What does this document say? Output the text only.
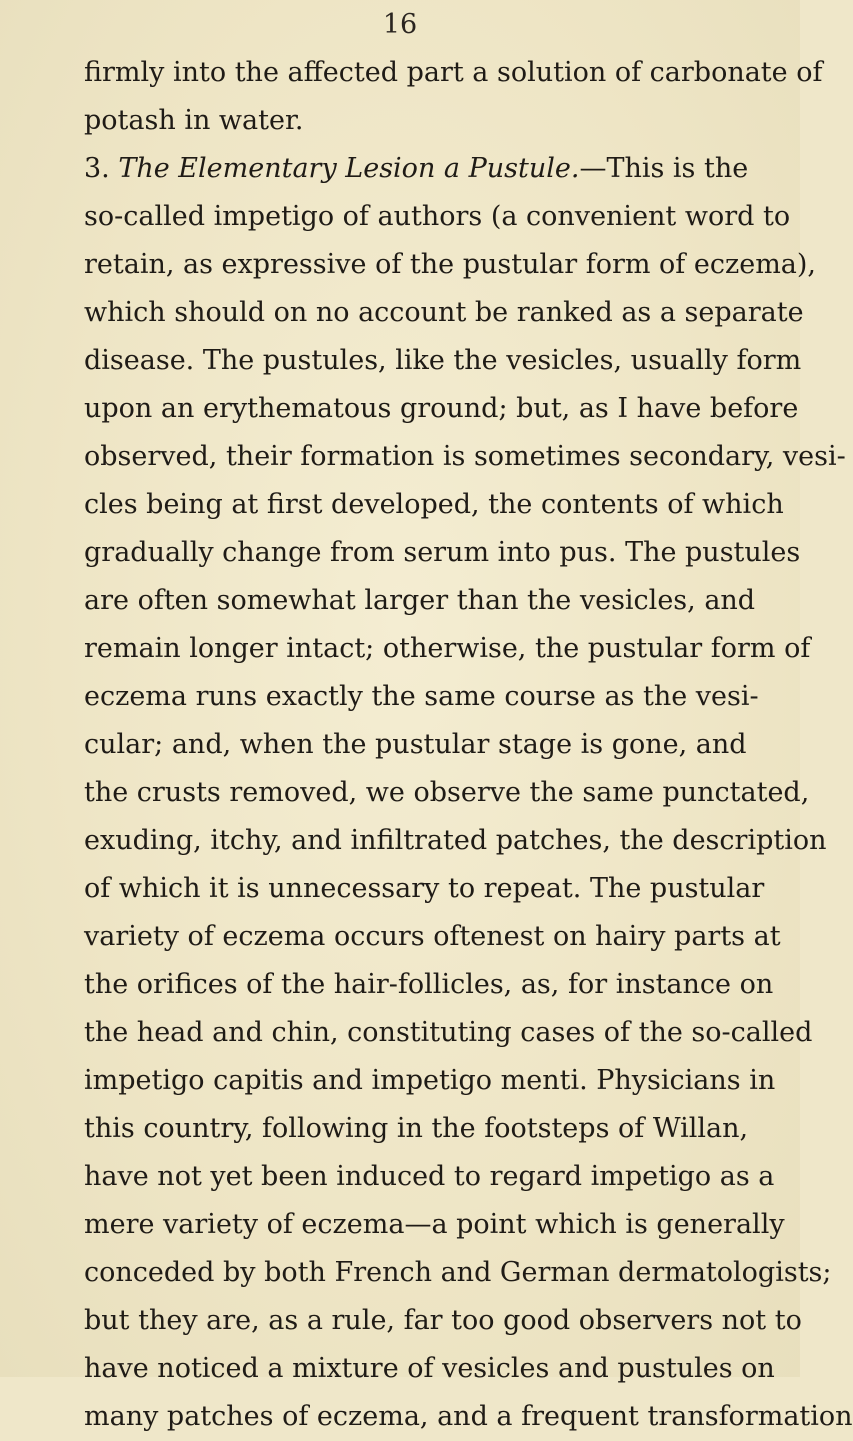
16
firmly into the affected part a solution of carbonate of
potash in water.
3. The Elementary Lesion a Pustule.—This is the
so-called impetigo of authors (a convenient word to
retain, as expressive of the pustular form of eczema),
which should on no account be ranked as a separate
disease. The pustules, like the vesicles, usually form
upon an erythematous ground; but, as I have before
observed, their formation is sometimes secondary, vesi-
cles being at first developed, the contents of which
gradually change from serum into pus. The pustules
are often somewhat larger than the vesicles, and
remain longer intact; otherwise, the pustular form of
eczema runs exactly the same course as the vesi-
cular; and, when the pustular stage is gone, and
the crusts removed, we observe the same punctated,
exuding, itchy, and infiltrated patches, the description
of which it is unnecessary to repeat. The pustular
variety of eczema occurs oftenest on hairy parts at
the orifices of the hair-follicles, as, for instance on
the head and chin, constituting cases of the so-called
impetigo capitis and impetigo menti. Physicians in
this country, following in the footsteps of Willan,
have not yet been induced to regard impetigo as a
mere variety of eczema—a point which is generally
conceded by both French and German dermatologists;
but they are, as a rule, far too good observers not to
have noticed a mixture of vesicles and pustules on
many patches of eczema, and a frequent transformation
